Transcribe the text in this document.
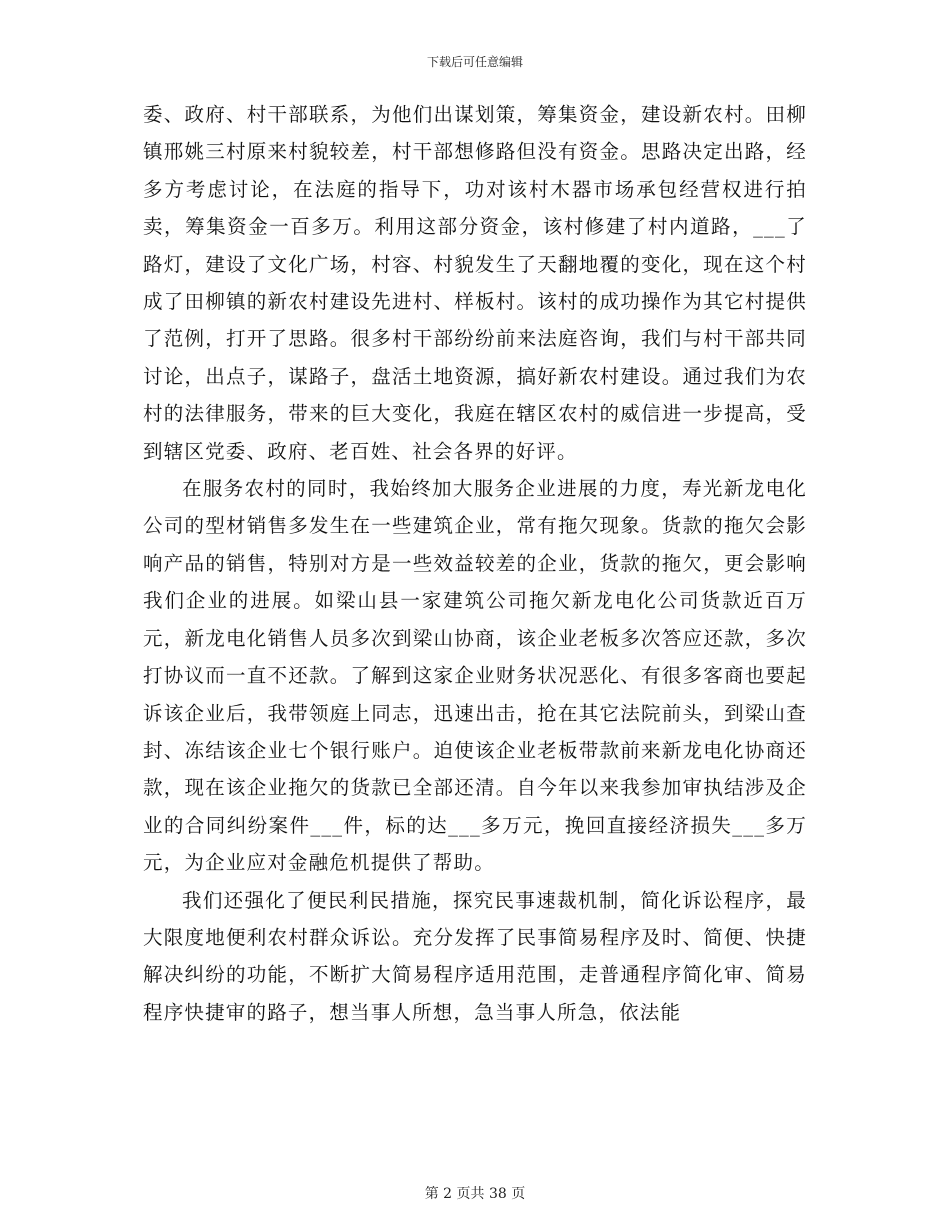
下载后可任意编辑

委、政府、村干部联系，为他们出谋划策，筹集资金，建设新农村。田柳镇邢姚三村原来村貌较差，村干部想修路但没有资金。思路决定出路，经多方考虑讨论，在法庭的指导下，功对该村木器市场承包经营权进行拍卖，筹集资金一百多万。利用这部分资金，该村修建了村内道路，___了路灯，建设了文化广场，村容、村貌发生了天翻地覆的变化，现在这个村成了田柳镇的新农村建设先进村、样板村。该村的成功操作为其它村提供了范例，打开了思路。很多村干部纷纷前来法庭咨询，我们与村干部共同讨论，出点子，谋路子，盘活土地资源，搞好新农村建设。通过我们为农村的法律服务，带来的巨大变化，我庭在辖区农村的威信进一步提高，受到辖区党委、政府、老百姓、社会各界的好评。

在服务农村的同时，我始终加大服务企业进展的力度，寿光新龙电化公司的型材销售多发生在一些建筑企业，常有拖欠现象。货款的拖欠会影响产品的销售，特别对方是一些效益较差的企业，货款的拖欠，更会影响我们企业的进展。如梁山县一家建筑公司拖欠新龙电化公司货款近百万元，新龙电化销售人员多次到梁山协商，该企业老板多次答应还款，多次打协议而一直不还款。了解到这家企业财务状况恶化、有很多客商也要起诉该企业后，我带领庭上同志，迅速出击，抢在其它法院前头，到梁山查封、冻结该企业七个银行账户。迫使该企业老板带款前来新龙电化协商还款，现在该企业拖欠的货款已全部还清。自今年以来我参加审执结涉及企业的合同纠纷案件___件，标的达___多万元，挽回直接经济损失___多万元，为企业应对金融危机提供了帮助。

我们还强化了便民利民措施，探究民事速裁机制，简化诉讼程序，最大限度地便利农村群众诉讼。充分发挥了民事简易程序及时、简便、快捷解决纠纷的功能，不断扩大简易程序适用范围，走普通程序简化审、简易程序快捷审的路子，想当事人所想，急当事人所急，依法能

第 2 页共 38 页
